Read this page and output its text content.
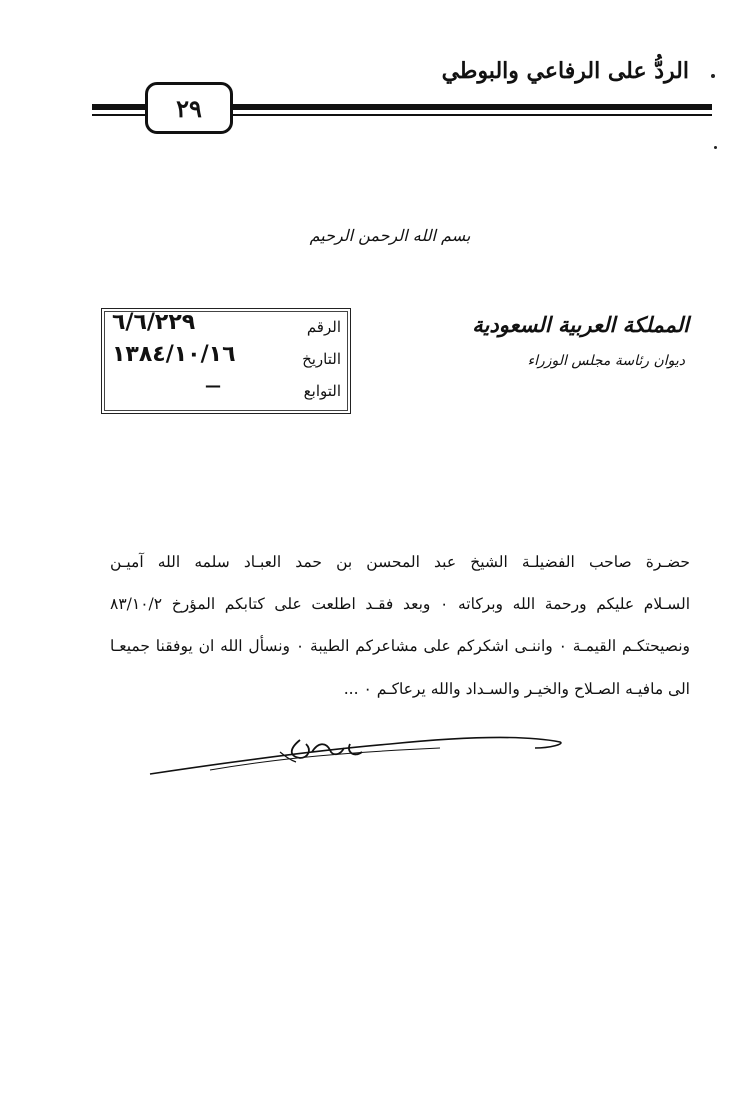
الردُّ على الرفاعي والبوطي
٢٩
بسم الله الرحمن الرحيم
الرقم
٦/٦/٢٢٩
التاريخ
١٣٨٤/١٠/١٦
التوابع
—
المملكة العربية السعودية
ديوان رئاسة مجلس الوزراء
حضـرة صاحب الفضيلـة الشيخ عبد المحسن بن حمد العبـاد سلمه الله آميـن
السـلام عليكم ورحمة الله وبركاته ٠ وبعد فقـد اطلعت على كتابكم المؤرخ ٨٣/١٠/٢
ونصيحتكـم القيمـة ٠ واننـى اشكركم على مشاعركم الطيبة ٠ ونسأل الله ان يوفقنا جميعـا
الى مافيـه الصـلاح والخيـر والسـداد والله يرعاكـم ٠ ...
